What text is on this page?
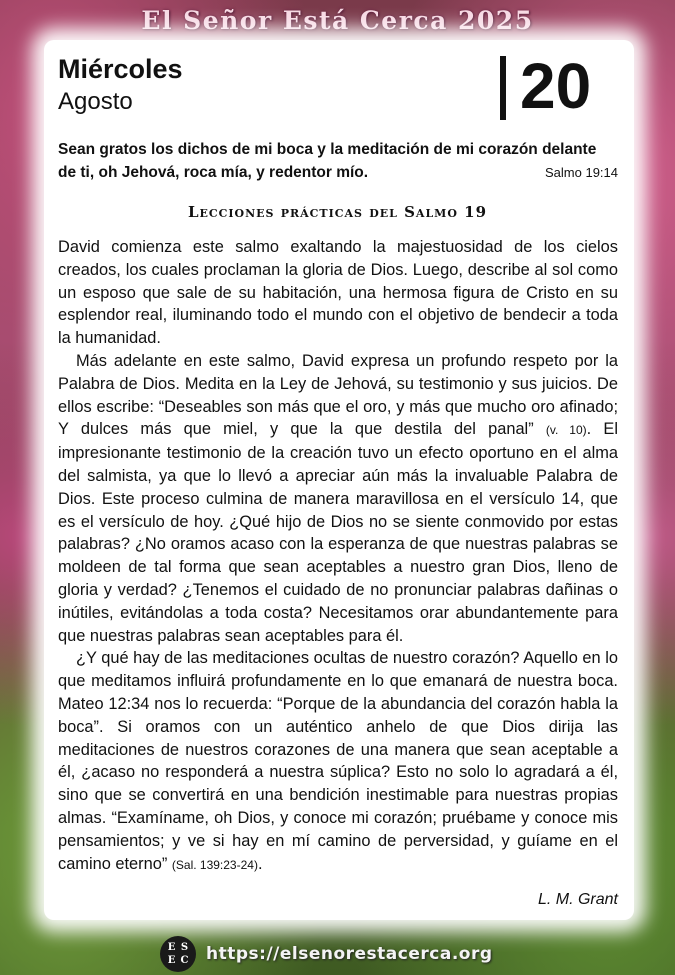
El Señor Está Cerca 2025
Miércoles
Agosto	20
Sean gratos los dichos de mi boca y la meditación de mi corazón delante de ti, oh Jehová, roca mía, y redentor mío.	Salmo 19:14
Lecciones prácticas del Salmo 19

David comienza este salmo exaltando la majestuosidad de los cielos creados, los cuales proclaman la gloria de Dios. Luego, describe al sol como un esposo que sale de su habitación, una hermosa figura de Cristo en su esplendor real, iluminando todo el mundo con el objetivo de bendecir a toda la humanidad.

Más adelante en este salmo, David expresa un profundo respeto por la Palabra de Dios. Medita en la Ley de Jehová, su testimonio y sus juicios. De ellos escribe: “Deseables son más que el oro, y más que mucho oro afinado; Y dulces más que miel, y que la que destila del panal” (v. 10). El impresionante testimonio de la creación tuvo un efecto oportuno en el alma del salmista, ya que lo llevó a apreciar aún más la invaluable Palabra de Dios. Este proceso culmina de manera maravillosa en el versículo 14, que es el versículo de hoy. ¿Qué hijo de Dios no se siente conmovido por estas palabras? ¿No oramos acaso con la esperanza de que nuestras palabras se moldeen de tal forma que sean aceptables a nuestro gran Dios, lleno de gloria y verdad? ¿Tenemos el cuidado de no pronunciar palabras dañinas o inútiles, evitándolas a toda costa? Necesitamos orar abundantemente para que nuestras palabras sean aceptables para él.

¿Y qué hay de las meditaciones ocultas de nuestro corazón? Aquello en lo que meditamos influirá profundamente en lo que emanará de nuestra boca. Mateo 12:34 nos lo recuerda: “Porque de la abundancia del corazón habla la boca”. Si oramos con un auténtico anhelo de que Dios dirija las meditaciones de nuestros corazones de una manera que sean aceptable a él, ¿acaso no responderá a nuestra súplica? Esto no solo lo agradará a él, sino que se convertirá en una bendición inestimable para nuestras propias almas. “Examíname, oh Dios, y conoce mi corazón; pruébame y conoce mis pensamientos; y ve si hay en mí camino de perversidad, y guíame en el camino eterno” (Sal. 139:23-24).

L. M. Grant
E S
E C https://elsenorestacerca.org
